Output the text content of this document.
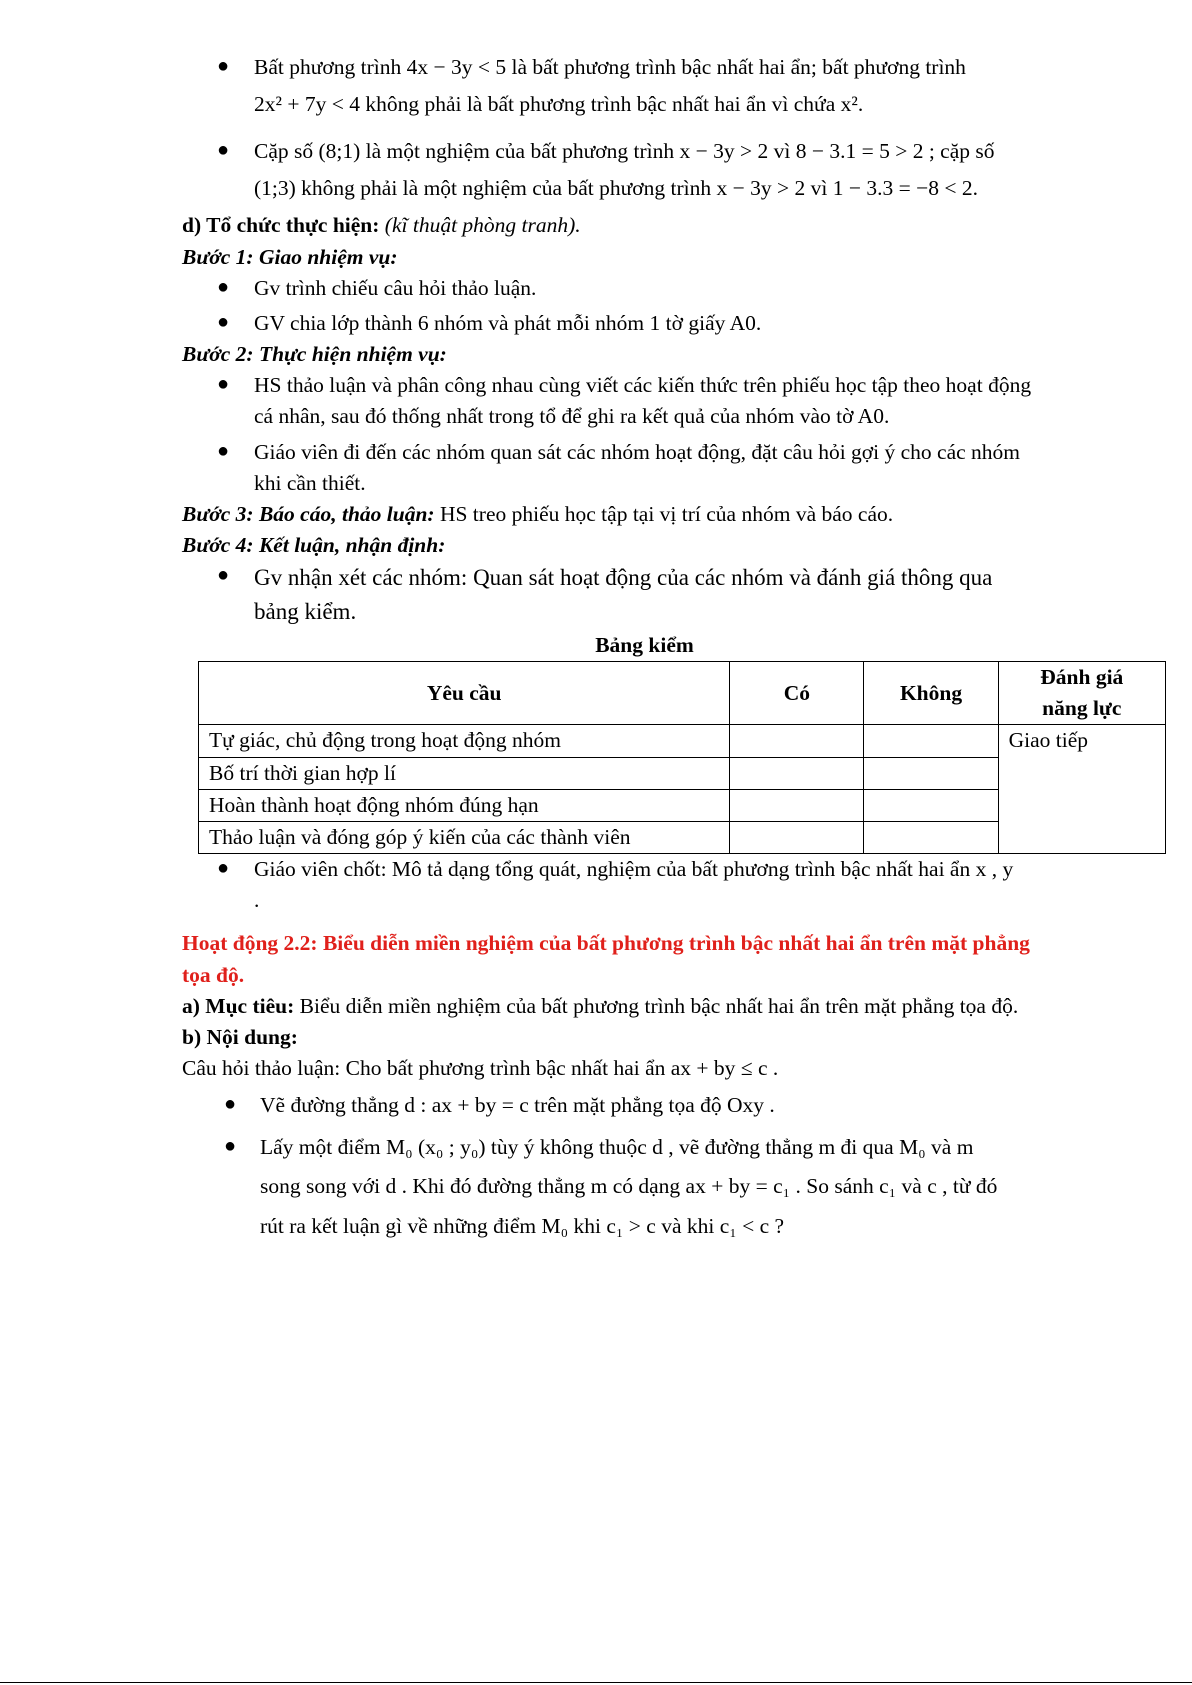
● Bất phương trình 4x − 3y < 5 là bất phương trình bậc nhất hai ẩn; bất phương trình
2x² + 7y < 4 không phải là bất phương trình bậc nhất hai ẩn vì chứa x².

● Cặp số (8;1) là một nghiệm của bất phương trình x − 3y > 2 vì 8 − 3.1 = 5 > 2 ; cặp số
(1;3) không phải là một nghiệm của bất phương trình x − 3y > 2 vì 1 − 3.3 = −8 < 2.

d) Tổ chức thực hiện: (kĩ thuật phòng tranh).

Bước 1: Giao nhiệm vụ:

● Gv trình chiếu câu hỏi thảo luận.

● GV chia lớp thành 6 nhóm và phát mỗi nhóm 1 tờ giấy A0.

Bước 2: Thực hiện nhiệm vụ:

● HS thảo luận và phân công nhau cùng viết các kiến thức trên phiếu học tập theo hoạt động
cá nhân, sau đó thống nhất trong tổ để ghi ra kết quả của nhóm vào tờ A0.

● Giáo viên đi đến các nhóm quan sát các nhóm hoạt động, đặt câu hỏi gợi ý cho các nhóm
khi cần thiết.

Bước 3: Báo cáo, thảo luận: HS treo phiếu học tập tại vị trí của nhóm và báo cáo.

Bước 4: Kết luận, nhận định:

● Gv nhận xét các nhóm: Quan sát hoạt động của các nhóm và đánh giá thông qua
bảng kiểm.

Bảng kiểm
Yêu cầu	Có	Không	Đánh giá
năng lực
Tự giác, chủ động trong hoạt động nhóm			Giao tiếp
Bố trí thời gian hợp lí			
Hoàn thành hoạt động nhóm đúng hạn			
Thảo luận và đóng góp ý kiến của các thành viên			

● Giáo viên chốt: Mô tả dạng tổng quát, nghiệm của bất phương trình bậc nhất hai ẩn x , y
.

Hoạt động 2.2: Biểu diễn miền nghiệm của bất phương trình bậc nhất hai ẩn trên mặt phẳng
tọa độ.

a) Mục tiêu: Biểu diễn miền nghiệm của bất phương trình bậc nhất hai ẩn trên mặt phẳng tọa độ.

b) Nội dung:

Câu hỏi thảo luận: Cho bất phương trình bậc nhất hai ẩn ax + by ≤ c .

● Vẽ đường thẳng d : ax + by = c trên mặt phẳng tọa độ Oxy .

● Lấy một điểm M₀ (x₀ ; y₀) tùy ý không thuộc d , vẽ đường thẳng m đi qua M₀ và m
song song với d . Khi đó đường thẳng m có dạng ax + by = c₁ . So sánh c₁ và c , từ đó
rút ra kết luận gì về những điểm M₀ khi c₁ > c và khi c₁ < c ?
